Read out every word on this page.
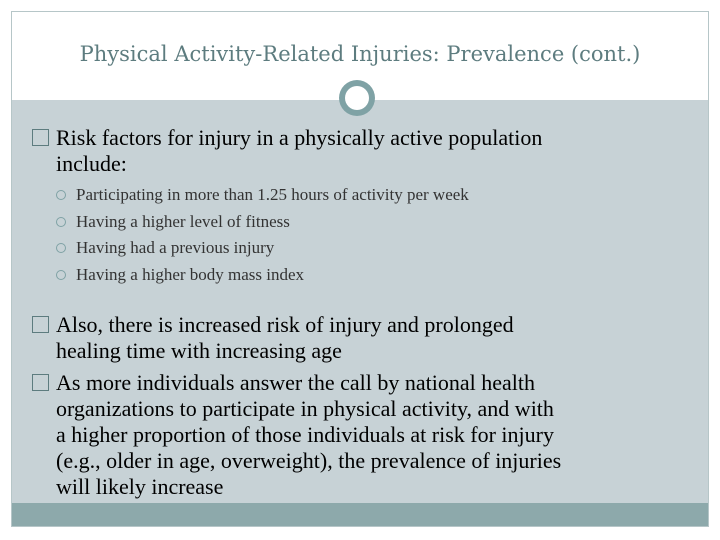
Physical Activity-Related Injuries: Prevalence (cont.)
Risk factors for injury in a physically active population
include:
Participating in more than 1.25 hours of activity per week
Having a higher level of fitness
Having had a previous injury
Having a higher body mass index
Also, there is increased risk of injury and prolonged
healing time with increasing age
As more individuals answer the call by national health
organizations to participate in physical activity, and with
a higher proportion of those individuals at risk for injury
(e.g., older in age, overweight), the prevalence of injuries
will likely increase
